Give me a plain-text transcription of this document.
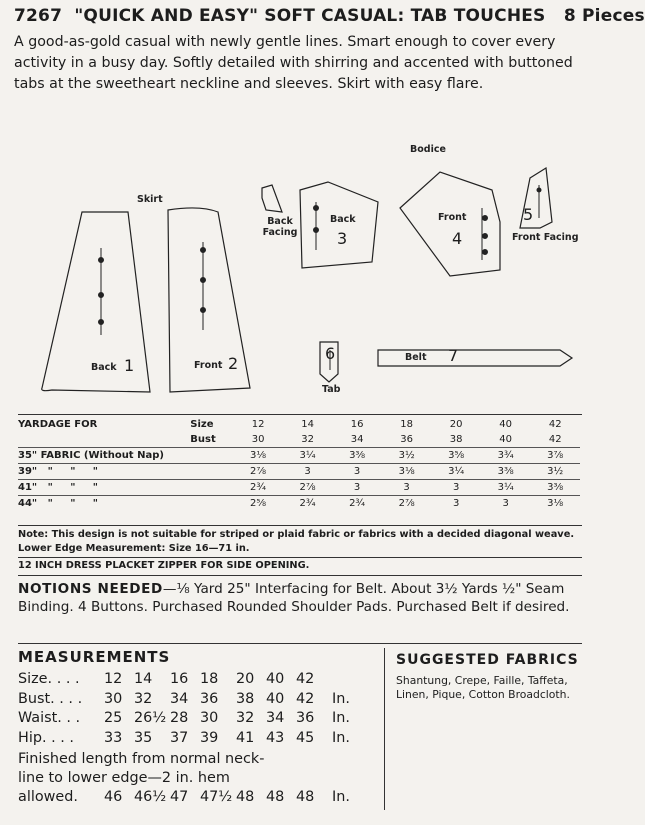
7267 "QUICK AND EASY" SOFT CASUAL: TAB TOUCHES 8 Pieces
A good-as-gold casual with newly gentle lines. Smart enough to cover every activity in a busy day. Softly detailed with shirring and accented with buttoned tabs at the sweetheart neckline and sleeves. Skirt with easy flare.
Skirt
Bodice
Back 1	Front 2
Back Facing
Back
3
Front
4
5
Front Facing
6
Tab
Belt 7
YARDAGE FOR	Size	12	14	16	18	20	40	42
	Bust	30	32	34	36	38	40	42
35" FABRIC (Without Nap)		3⅛	3¼	3⅜	3½	3⅝	3¾	3⅞
39"   "     "     "		2⅞	3	3	3⅛	3¼	3⅜	3½
41"   "     "     "		2¾	2⅞	3	3	3	3¼	3⅜
44"   "     "     "		2⅝	2¾	2¾	2⅞	3	3	3⅛
Note: This design is not suitable for striped or plaid fabric or fabrics with a decided diagonal weave.
Lower Edge Measurement: Size 16—71 in.
12 INCH DRESS PLACKET ZIPPER FOR SIDE OPENING.
NOTIONS NEEDED—⅛ Yard 25" Interfacing for Belt. About 3½ Yards ½" Seam Binding. 4 Buttons. Purchased Rounded Shoulder Pads. Purchased Belt if desired.
MEASUREMENTS
Size. . . .	12 14	16 18	20 40 42
Bust. . . .	30 32	34 36	38 40 42	In.
Waist. . .	25 26½ 28 30	32 34 36	In.
Hip. . . .	33 35	37 39	41 43 45	In.
Finished length from normal neck-
line to lower edge—2 in. hem
allowed.	46 46½ 47 47½ 48 48 48	In.
SUGGESTED FABRICS
Shantung, Crepe, Faille, Taffeta, Linen, Pique, Cotton Broadcloth.
